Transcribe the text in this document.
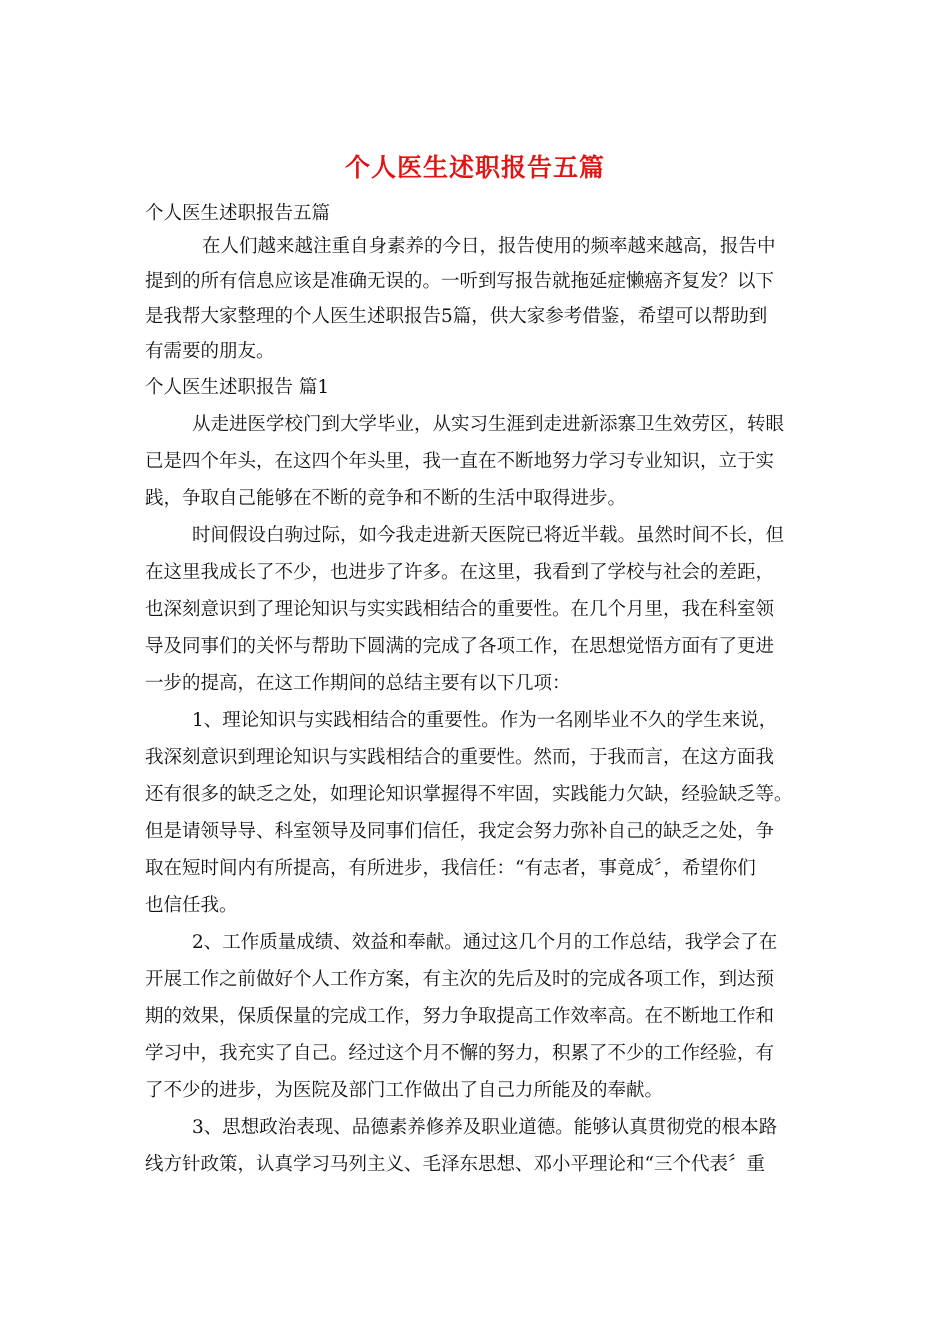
个人医生述职报告五篇
个人医生述职报告五篇
在人们越来越注重自身素养的今日，报告使用的频率越来越高，报告中
提到的所有信息应该是准确无误的。一听到写报告就拖延症懒癌齐复发？以下
是我帮大家整理的个人医生述职报告5篇，供大家参考借鉴，希望可以帮助到
有需要的朋友。
个人医生述职报告 篇1
从走进医学校门到大学毕业，从实习生涯到走进新添寨卫生效劳区，转眼
已是四个年头，在这四个年头里，我一直在不断地努力学习专业知识，立于实
践，争取自己能够在不断的竞争和不断的生活中取得进步。
时间假设白驹过际，如今我走进新天医院已将近半载。虽然时间不长，但
在这里我成长了不少，也进步了许多。在这里，我看到了学校与社会的差距，
也深刻意识到了理论知识与实实践相结合的重要性。在几个月里，我在科室领
导及同事们的关怀与帮助下圆满的完成了各项工作，在思想觉悟方面有了更进
一步的提高，在这工作期间的总结主要有以下几项：
1、理论知识与实践相结合的重要性。作为一名刚毕业不久的学生来说，
我深刻意识到理论知识与实践相结合的重要性。然而，于我而言，在这方面我
还有很多的缺乏之处，如理论知识掌握得不牢固，实践能力欠缺，经验缺乏等。
但是请领导导、科室领导及同事们信任，我定会努力弥补自己的缺乏之处，争
取在短时间内有所提高，有所进步，我信任：“有志者，事竟成〞，希望你们
也信任我。
2、工作质量成绩、效益和奉献。通过这几个月的工作总结，我学会了在
开展工作之前做好个人工作方案，有主次的先后及时的完成各项工作，到达预
期的效果，保质保量的完成工作，努力争取提高工作效率高。在不断地工作和
学习中，我充实了自己。经过这个月不懈的努力，积累了不少的工作经验，有
了不少的进步，为医院及部门工作做出了自己力所能及的奉献。
3、思想政治表现、品德素养修养及职业道德。能够认真贯彻党的根本路
线方针政策，认真学习马列主义、毛泽东思想、邓小平理论和“三个代表〞重
